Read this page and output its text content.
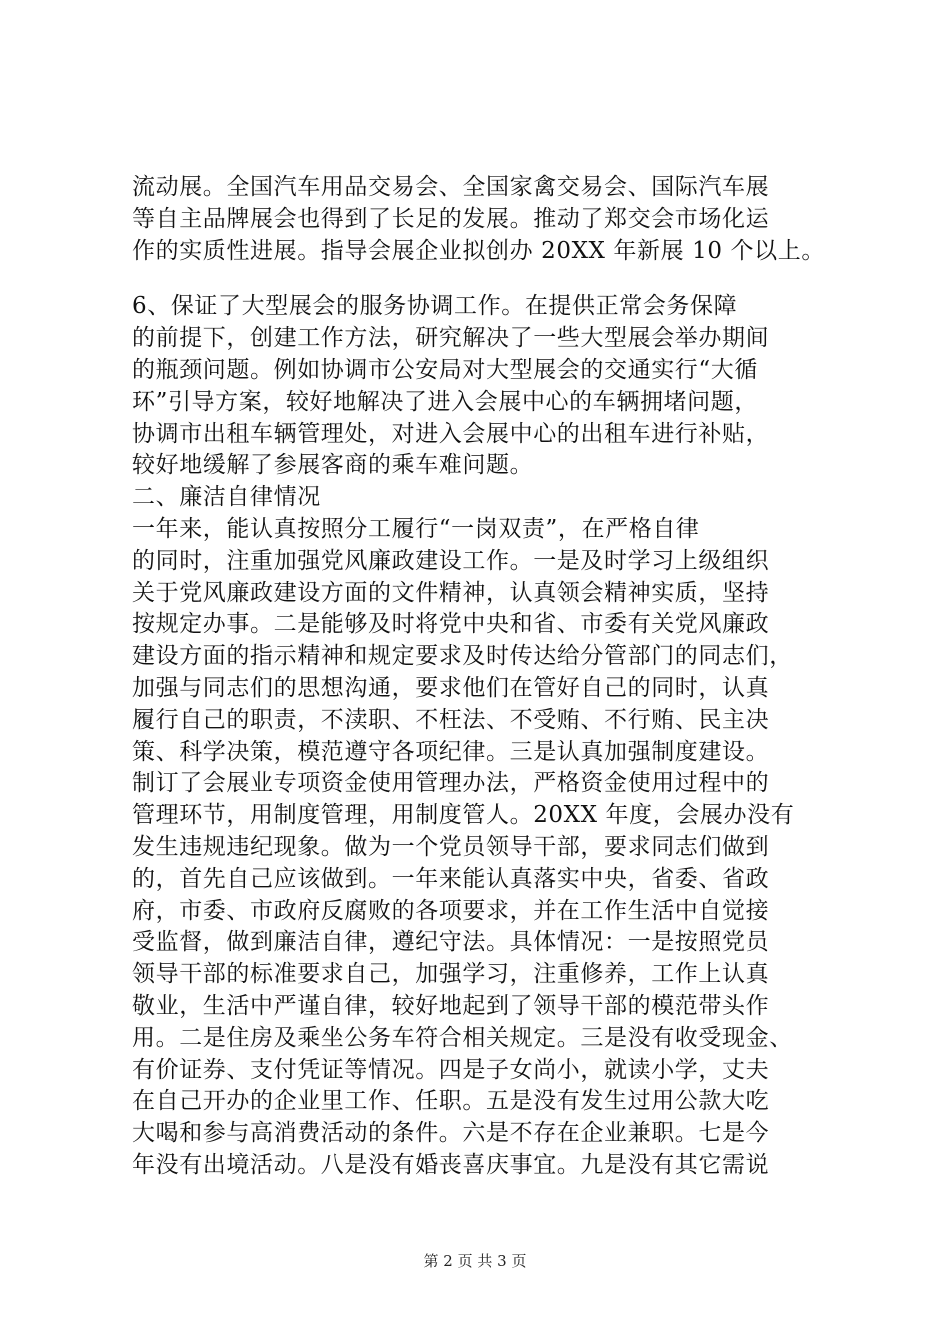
流动展。全国汽车用品交易会、全国家禽交易会、国际汽车展
等自主品牌展会也得到了长足的发展。推动了郑交会市场化运
作的实质性进展。指导会展企业拟创办 20XX 年新展 10 个以上。
6、保证了大型展会的服务协调工作。在提供正常会务保障
的前提下，创建工作方法，研究解决了一些大型展会举办期间
的瓶颈问题。例如协调市公安局对大型展会的交通实行“大循
环”引导方案，较好地解决了进入会展中心的车辆拥堵问题，
协调市出租车辆管理处，对进入会展中心的出租车进行补贴，
较好地缓解了参展客商的乘车难问题。
二、廉洁自律情况
一年来，能认真按照分工履行“一岗双责”，在严格自律
的同时，注重加强党风廉政建设工作。一是及时学习上级组织
关于党风廉政建设方面的文件精神，认真领会精神实质，坚持
按规定办事。二是能够及时将党中央和省、市委有关党风廉政
建设方面的指示精神和规定要求及时传达给分管部门的同志们，
加强与同志们的思想沟通，要求他们在管好自己的同时，认真
履行自己的职责，不渎职、不枉法、不受贿、不行贿、民主决
策、科学决策，模范遵守各项纪律。三是认真加强制度建设。
制订了会展业专项资金使用管理办法，严格资金使用过程中的
管理环节，用制度管理，用制度管人。20XX 年度，会展办没有
发生违规违纪现象。做为一个党员领导干部，要求同志们做到
的，首先自己应该做到。一年来能认真落实中央，省委、省政
府，市委、市政府反腐败的各项要求，并在工作生活中自觉接
受监督，做到廉洁自律，遵纪守法。具体情况：一是按照党员
领导干部的标准要求自己，加强学习，注重修养，工作上认真
敬业，生活中严谨自律，较好地起到了领导干部的模范带头作
用。二是住房及乘坐公务车符合相关规定。三是没有收受现金、
有价证券、支付凭证等情况。四是子女尚小，就读小学，丈夫
在自己开办的企业里工作、任职。五是没有发生过用公款大吃
大喝和参与高消费活动的条件。六是不存在企业兼职。七是今
年没有出境活动。八是没有婚丧喜庆事宜。九是没有其它需说
第 2 页 共 3 页
